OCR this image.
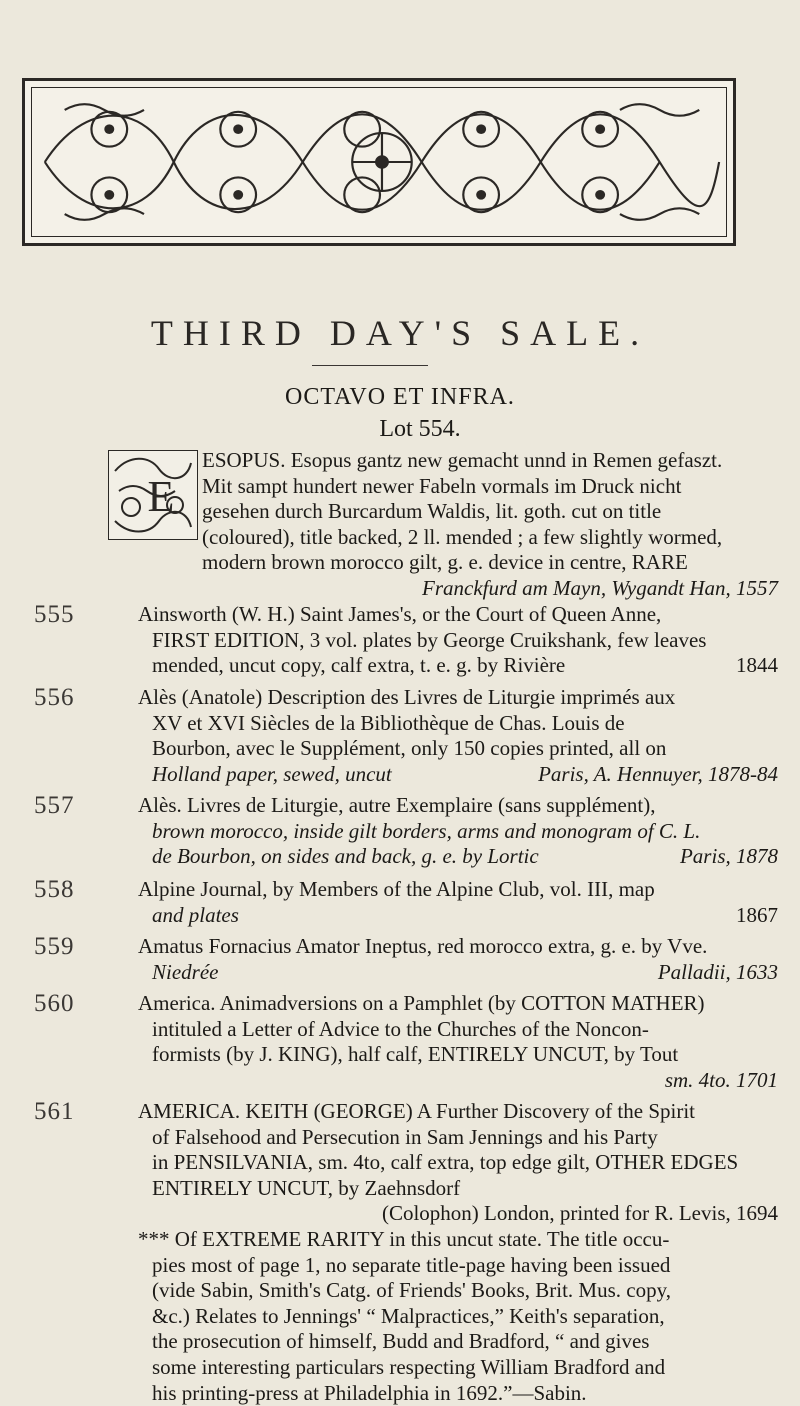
THIRD DAY'S SALE.
OCTAVO ET INFRA.
Lot 554.
E
ESOPUS. Esopus gantz new gemacht unnd in Remen gefaszt.
Mit sampt hundert newer Fabeln vormals im Druck nicht
gesehen durch Burcardum Waldis, lit. goth. cut on title
(coloured), title backed, 2 ll. mended ; a few slightly wormed,
modern brown morocco gilt, g. e. device in centre, RARE
Franckfurd am Mayn, Wygandt Han, 1557
555	Ainsworth (W. H.) Saint James's, or the Court of Queen Anne,
FIRST EDITION, 3 vol. plates by George Cruikshank, few leaves
mended, uncut copy, calf extra, t. e. g. by Rivière	1844
556	Alès (Anatole) Description des Livres de Liturgie imprimés aux
XV et XVI Siècles de la Bibliothèque de Chas. Louis de
Bourbon, avec le Supplément, only 150 copies printed, all on
Holland paper, sewed, uncut	Paris, A. Hennuyer, 1878-84
557	Alès. Livres de Liturgie, autre Exemplaire (sans supplément),
brown morocco, inside gilt borders, arms and monogram of C. L.
de Bourbon, on sides and back, g. e. by Lortic	Paris, 1878
558	Alpine Journal, by Members of the Alpine Club, vol. III, map
and plates	1867
559	Amatus Fornacius Amator Ineptus, red morocco extra, g. e. by Vve.
Niedrée	Palladii, 1633
560	America. Animadversions on a Pamphlet (by COTTON MATHER)
intituled a Letter of Advice to the Churches of the Noncon-
formists (by J. KING), half calf, ENTIRELY UNCUT, by Tout
sm. 4to. 1701
561	AMERICA. KEITH (GEORGE) A Further Discovery of the Spirit
of Falsehood and Persecution in Sam Jennings and his Party
in PENSILVANIA, sm. 4to, calf extra, top edge gilt, OTHER EDGES
ENTIRELY UNCUT, by Zaehnsdorf
(Colophon) London, printed for R. Levis, 1694
*** Of EXTREME RARITY in this uncut state. The title occu-
pies most of page 1, no separate title-page having been issued
(vide Sabin, Smith's Catg. of Friends' Books, Brit. Mus. copy,
&c.) Relates to Jennings' “ Malpractices,” Keith's separation,
the prosecution of himself, Budd and Bradford, “ and gives
some interesting particulars respecting William Bradford and
his printing-press at Philadelphia in 1692.”—Sabin.
